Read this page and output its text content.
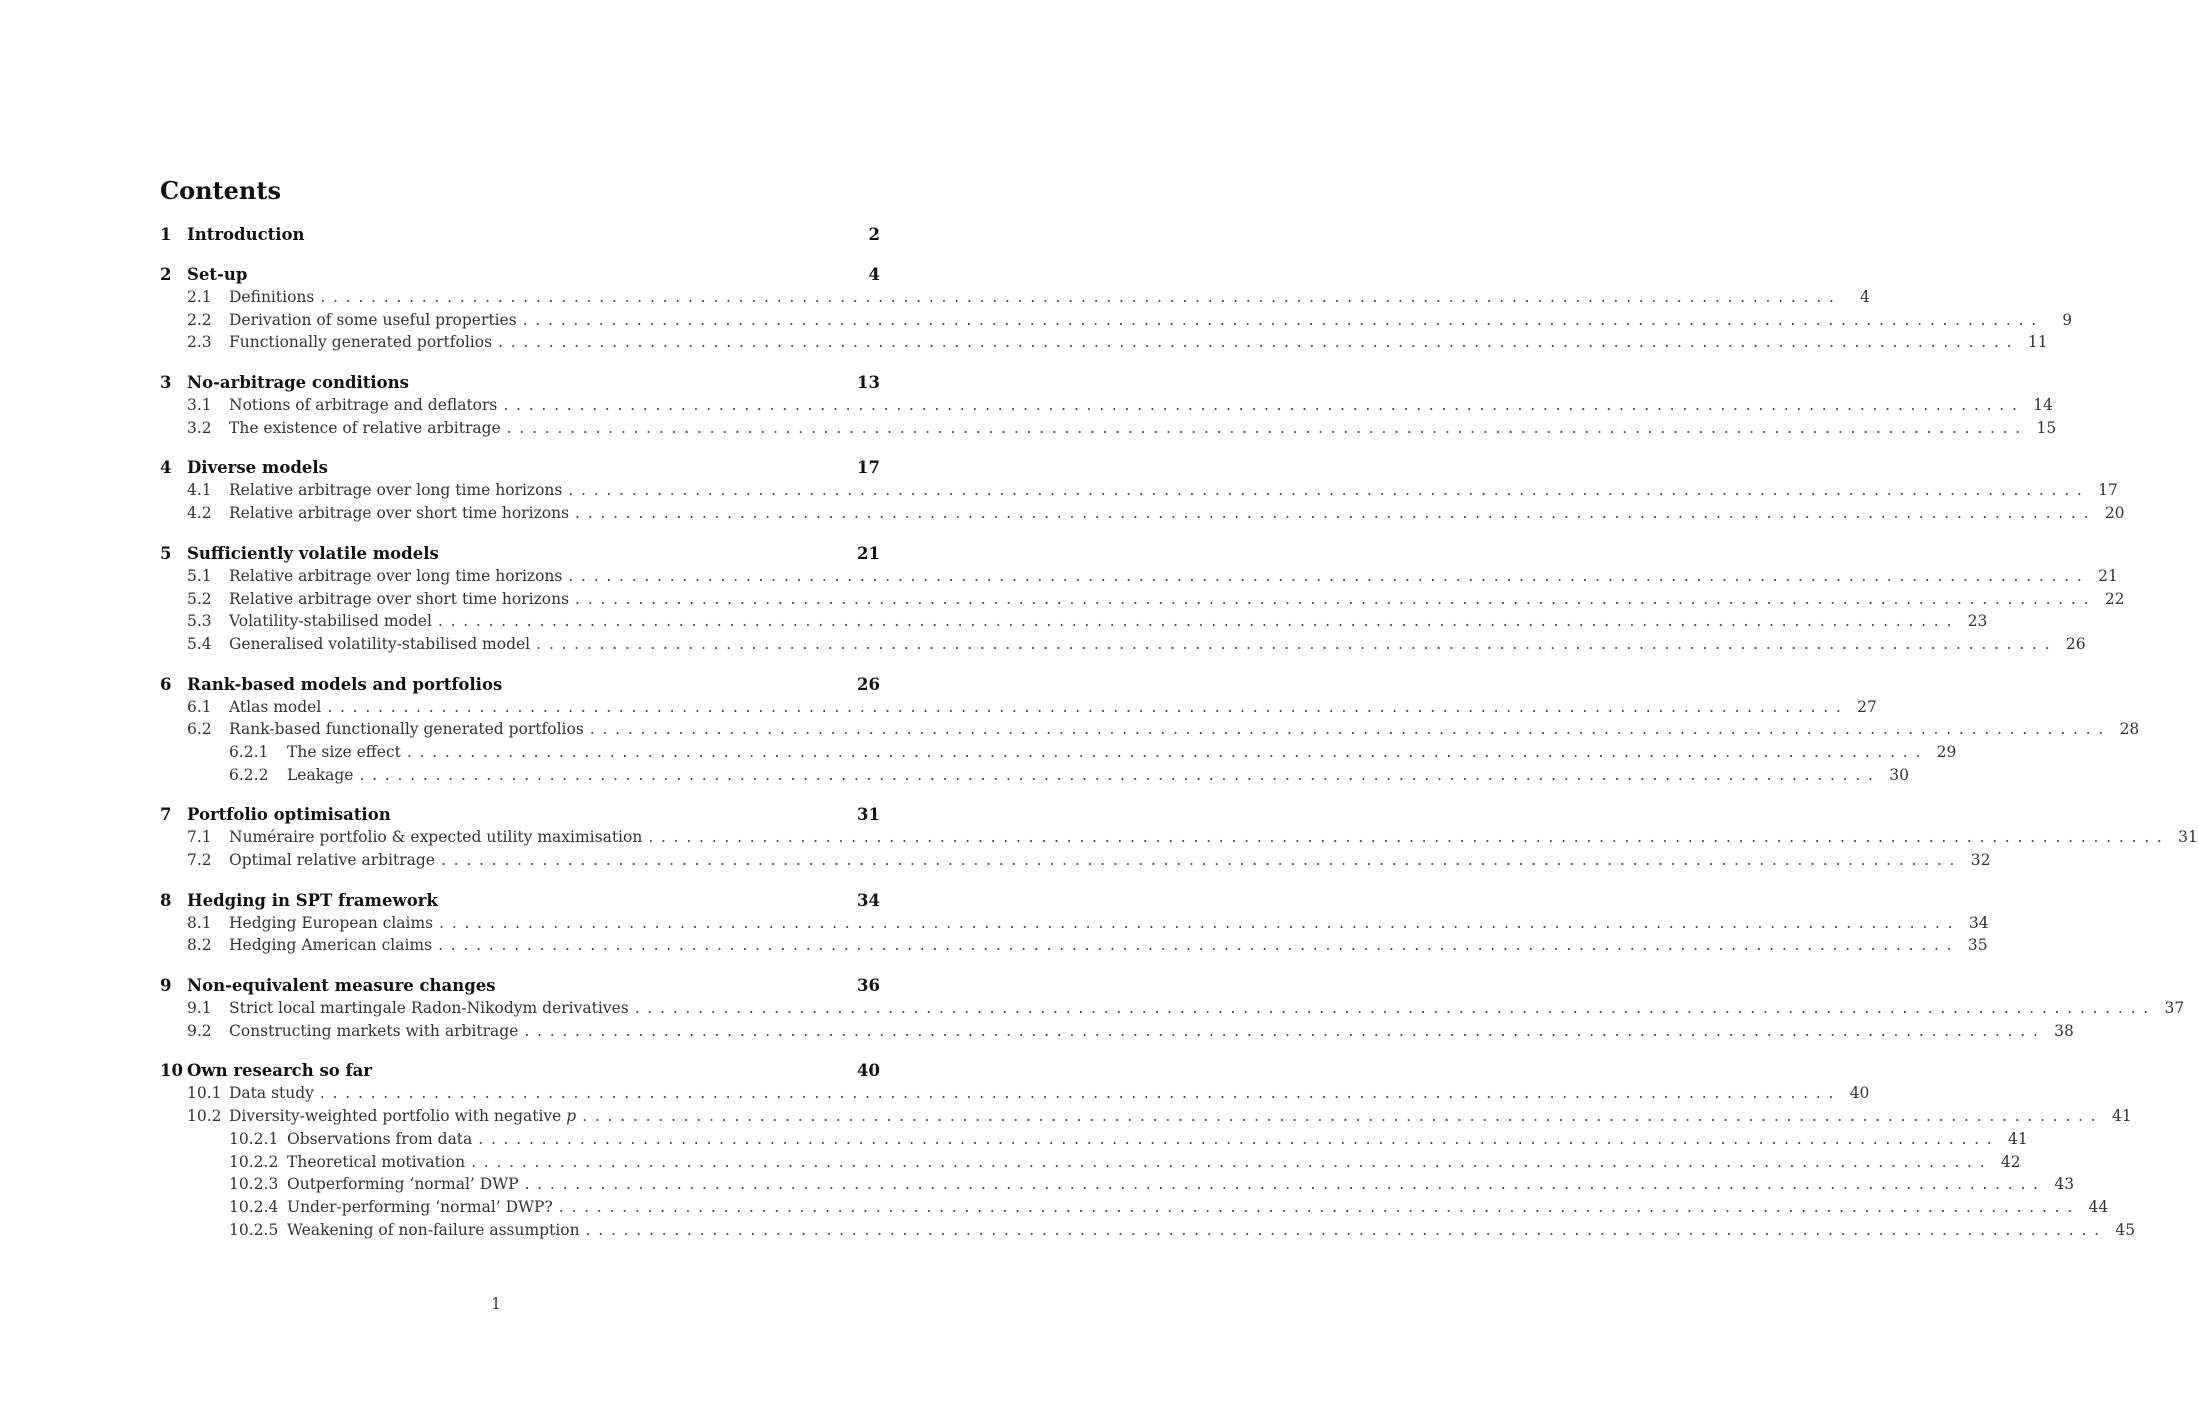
Contents
1 Introduction	2
2 Set-up	4
2.1	Definitions . . . . . . . . . . . . . . . . . . . . . . . . . . . . . . . . . . . . . . . . . . . . . . . . . . . . . . . . . . . . . . . . . . . . . . . . . . . . . . . . . . . . . . . . . . . . . . . . . . . . . . . . . . . . . . . . . . . . . . . .	4
2.2	Derivation of some useful properties . . . . . . . . . . . . . . . . . . . . . . . . . . . . . . . . . . . . . . . . . . . . . . . . . . . . . . . . . . . . . . . . . . . . . . . . . . . . . . . . . . . . . . . . . . . . . . . . . . . . . . . . . . . . . . . . . . . . . . . .	9
2.3	Functionally generated portfolios . . . . . . . . . . . . . . . . . . . . . . . . . . . . . . . . . . . . . . . . . . . . . . . . . . . . . . . . . . . . . . . . . . . . . . . . . . . . . . . . . . . . . . . . . . . . . . . . . . . . . . . . . . . . . . . . . . . . . . . .	11
3 No-arbitrage conditions	13
3.1	Notions of arbitrage and deflators . . . . . . . . . . . . . . . . . . . . . . . . . . . . . . . . . . . . . . . . . . . . . . . . . . . . . . . . . . . . . . . . . . . . . . . . . . . . . . . . . . . . . . . . . . . . . . . . . . . . . . . . . . . . . . . . . . . . . . . .	14
3.2	The existence of relative arbitrage . . . . . . . . . . . . . . . . . . . . . . . . . . . . . . . . . . . . . . . . . . . . . . . . . . . . . . . . . . . . . . . . . . . . . . . . . . . . . . . . . . . . . . . . . . . . . . . . . . . . . . . . . . . . . . . . . . . . . . . .	15
4 Diverse models	17
4.1	Relative arbitrage over long time horizons . . . . . . . . . . . . . . . . . . . . . . . . . . . . . . . . . . . . . . . . . . . . . . . . . . . . . . . . . . . . . . . . . . . . . . . . . . . . . . . . . . . . . . . . . . . . . . . . . . . . . . . . . . . . . . . . . . . . . . . .	17
4.2	Relative arbitrage over short time horizons . . . . . . . . . . . . . . . . . . . . . . . . . . . . . . . . . . . . . . . . . . . . . . . . . . . . . . . . . . . . . . . . . . . . . . . . . . . . . . . . . . . . . . . . . . . . . . . . . . . . . . . . . . . . . . . . . . . . . . . .	20
5 Sufficiently volatile models	21
5.1	Relative arbitrage over long time horizons . . . . . . . . . . . . . . . . . . . . . . . . . . . . . . . . . . . . . . . . . . . . . . . . . . . . . . . . . . . . . . . . . . . . . . . . . . . . . . . . . . . . . . . . . . . . . . . . . . . . . . . . . . . . . . . . . . . . . . . .	21
5.2	Relative arbitrage over short time horizons . . . . . . . . . . . . . . . . . . . . . . . . . . . . . . . . . . . . . . . . . . . . . . . . . . . . . . . . . . . . . . . . . . . . . . . . . . . . . . . . . . . . . . . . . . . . . . . . . . . . . . . . . . . . . . . . . . . . . . . .	22
5.3	Volatility-stabilised model . . . . . . . . . . . . . . . . . . . . . . . . . . . . . . . . . . . . . . . . . . . . . . . . . . . . . . . . . . . . . . . . . . . . . . . . . . . . . . . . . . . . . . . . . . . . . . . . . . . . . . . . . . . . . . . . . . . . . . . .	23
5.4	Generalised volatility-stabilised model . . . . . . . . . . . . . . . . . . . . . . . . . . . . . . . . . . . . . . . . . . . . . . . . . . . . . . . . . . . . . . . . . . . . . . . . . . . . . . . . . . . . . . . . . . . . . . . . . . . . . . . . . . . . . . . . . . . . . . . .	26
6 Rank-based models and portfolios	26
6.1	Atlas model . . . . . . . . . . . . . . . . . . . . . . . . . . . . . . . . . . . . . . . . . . . . . . . . . . . . . . . . . . . . . . . . . . . . . . . . . . . . . . . . . . . . . . . . . . . . . . . . . . . . . . . . . . . . . . . . . . . . . . . .	27
6.2	Rank-based functionally generated portfolios . . . . . . . . . . . . . . . . . . . . . . . . . . . . . . . . . . . . . . . . . . . . . . . . . . . . . . . . . . . . . . . . . . . . . . . . . . . . . . . . . . . . . . . . . . . . . . . . . . . . . . . . . . . . . . . . . . . . . . . .	28
6.2.1	The size effect . . . . . . . . . . . . . . . . . . . . . . . . . . . . . . . . . . . . . . . . . . . . . . . . . . . . . . . . . . . . . . . . . . . . . . . . . . . . . . . . . . . . . . . . . . . . . . . . . . . . . . . . . . . . . . . . . . . . . . . .	29
6.2.2	Leakage . . . . . . . . . . . . . . . . . . . . . . . . . . . . . . . . . . . . . . . . . . . . . . . . . . . . . . . . . . . . . . . . . . . . . . . . . . . . . . . . . . . . . . . . . . . . . . . . . . . . . . . . . . . . . . . . . . . . . . . .	30
7 Portfolio optimisation	31
7.1	Numéraire portfolio & expected utility maximisation . . . . . . . . . . . . . . . . . . . . . . . . . . . . . . . . . . . . . . . . . . . . . . . . . . . . . . . . . . . . . . . . . . . . . . . . . . . . . . . . . . . . . . . . . . . . . . . . . . . . . . . . . . . . . . . . . . . . . . . .	31
7.2	Optimal relative arbitrage . . . . . . . . . . . . . . . . . . . . . . . . . . . . . . . . . . . . . . . . . . . . . . . . . . . . . . . . . . . . . . . . . . . . . . . . . . . . . . . . . . . . . . . . . . . . . . . . . . . . . . . . . . . . . . . . . . . . . . . .	32
8 Hedging in SPT framework	34
8.1	Hedging European claims . . . . . . . . . . . . . . . . . . . . . . . . . . . . . . . . . . . . . . . . . . . . . . . . . . . . . . . . . . . . . . . . . . . . . . . . . . . . . . . . . . . . . . . . . . . . . . . . . . . . . . . . . . . . . . . . . . . . . . . .	34
8.2	Hedging American claims . . . . . . . . . . . . . . . . . . . . . . . . . . . . . . . . . . . . . . . . . . . . . . . . . . . . . . . . . . . . . . . . . . . . . . . . . . . . . . . . . . . . . . . . . . . . . . . . . . . . . . . . . . . . . . . . . . . . . . . .	35
9 Non-equivalent measure changes	36
9.1	Strict local martingale Radon-Nikodym derivatives . . . . . . . . . . . . . . . . . . . . . . . . . . . . . . . . . . . . . . . . . . . . . . . . . . . . . . . . . . . . . . . . . . . . . . . . . . . . . . . . . . . . . . . . . . . . . . . . . . . . . . . . . . . . . . . . . . . . . . . .	37
9.2	Constructing markets with arbitrage . . . . . . . . . . . . . . . . . . . . . . . . . . . . . . . . . . . . . . . . . . . . . . . . . . . . . . . . . . . . . . . . . . . . . . . . . . . . . . . . . . . . . . . . . . . . . . . . . . . . . . . . . . . . . . . . . . . . . . . .	38
10 Own research so far	40
10.1 Data study . . . . . . . . . . . . . . . . . . . . . . . . . . . . . . . . . . . . . . . . . . . . . . . . . . . . . . . . . . . . . . . . . . . . . . . . . . . . . . . . . . . . . . . . . . . . . . . . . . . . . . . . . . . . . . . . . . . . . . . .	40
10.2 Diversity-weighted portfolio with negative p . . . . . . . . . . . . . . . . . . . . . . . . . . . . . . . . . . . . . . . . . . . . . . . . . . . . . . . . . . . . . . . . . . . . . . . . . . . . . . . . . . . . . . . . . . . . . . . . . . . . . . . . . . . . . . . . . . . . . . . .	41
10.2.1 Observations from data . . . . . . . . . . . . . . . . . . . . . . . . . . . . . . . . . . . . . . . . . . . . . . . . . . . . . . . . . . . . . . . . . . . . . . . . . . . . . . . . . . . . . . . . . . . . . . . . . . . . . . . . . . . . . . . . . . . . . . . .	41
10.2.2 Theoretical motivation . . . . . . . . . . . . . . . . . . . . . . . . . . . . . . . . . . . . . . . . . . . . . . . . . . . . . . . . . . . . . . . . . . . . . . . . . . . . . . . . . . . . . . . . . . . . . . . . . . . . . . . . . . . . . . . . . . . . . . . .	42
10.2.3 Outperforming ‘normal’ DWP . . . . . . . . . . . . . . . . . . . . . . . . . . . . . . . . . . . . . . . . . . . . . . . . . . . . . . . . . . . . . . . . . . . . . . . . . . . . . . . . . . . . . . . . . . . . . . . . . . . . . . . . . . . . . . . . . . . . . . . .	43
10.2.4 Under-performing ‘normal’ DWP? . . . . . . . . . . . . . . . . . . . . . . . . . . . . . . . . . . . . . . . . . . . . . . . . . . . . . . . . . . . . . . . . . . . . . . . . . . . . . . . . . . . . . . . . . . . . . . . . . . . . . . . . . . . . . . . . . . . . . . . .	44
10.2.5 Weakening of non-failure assumption . . . . . . . . . . . . . . . . . . . . . . . . . . . . . . . . . . . . . . . . . . . . . . . . . . . . . . . . . . . . . . . . . . . . . . . . . . . . . . . . . . . . . . . . . . . . . . . . . . . . . . . . . . . . . . . . . . . . . . . .	45
1
